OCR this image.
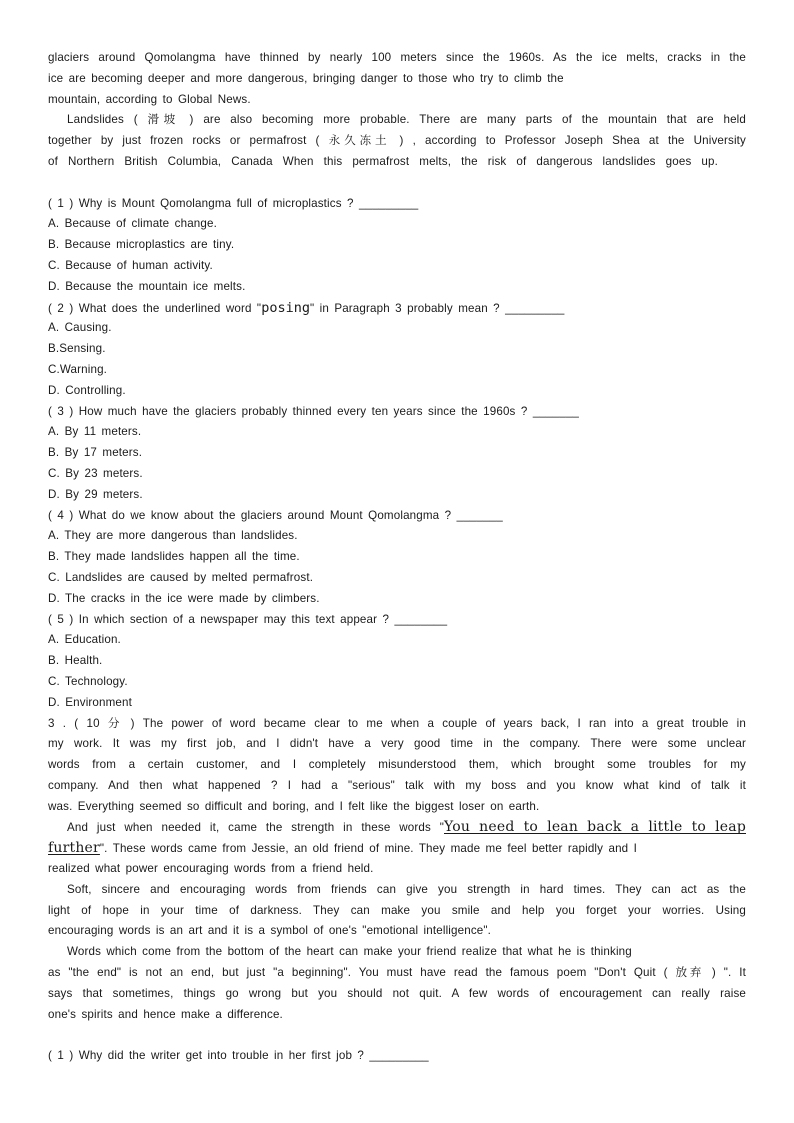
glaciers around Qomolangma have thinned by nearly 100 meters since the 1960s. As the ice melts, cracks in the
ice are becoming deeper and more dangerous, bringing danger to those who try to climb the
mountain, according to Global News.
Landslides ( 滑坡 ) are also becoming more probable. There are many parts of the mountain that are held
together by just frozen rocks or permafrost ( 永久冻土 ) , according to Professor Joseph Shea at the University
of Northern British Columbia, Canada When this permafrost melts, the risk of dangerous landslides goes up.
( 1 ) Why is Mount Qomolangma full of microplastics ? _________
A. Because of climate change.
B. Because microplastics are tiny.
C. Because of human activity.
D. Because the mountain ice melts.
( 2 ) What does the underlined word "posing" in Paragraph 3 probably mean ? _________
A. Causing.
B.Sensing.
C.Warning.
D. Controlling.
( 3 ) How much have the glaciers probably thinned every ten years since the 1960s ? _______
A. By 11 meters.
B. By 17 meters.
C. By 23 meters.
D. By 29 meters.
( 4 ) What do we know about the glaciers around Mount Qomolangma ? _______
A. They are more dangerous than landslides.
B. They made landslides happen all the time.
C. Landslides are caused by melted permafrost.
D. The cracks in the ice were made by climbers.
( 5 ) In which section of a newspaper may this text appear ? ________
A. Education.
B. Health.
C. Technology.
D. Environment
3 . ( 10 分 ) The power of word became clear to me when a couple of years back, I ran into a great trouble in
my work. It was my first job, and I didn't have a very good time in the company. There were some unclear
words from a certain customer, and I completely misunderstood them, which brought some troubles for my
company. And then what happened ? I had a "serious" talk with my boss and you know what kind of talk it
was. Everything seemed so difficult and boring, and I felt like the biggest loser on earth.
And just when needed it, came the strength in these words "You need to lean back a little to leap
further". These words came from Jessie, an old friend of mine. They made me feel better rapidly and I
realized what power encouraging words from a friend held.
Soft, sincere and encouraging words from friends can give you strength in hard times. They can act as the
light of hope in your time of darkness. They can make you smile and help you forget your worries. Using
encouraging words is an art and it is a symbol of one's "emotional intelligence".
Words which come from the bottom of the heart can make your friend realize that what he is thinking
as "the end" is not an end, but just "a beginning". You must have read the famous poem "Don't Quit ( 放弃 ) ". It
says that sometimes, things go wrong but you should not quit. A few words of encouragement can really raise
one's spirits and hence make a difference.
( 1 ) Why did the writer get into trouble in her first job ? _________
